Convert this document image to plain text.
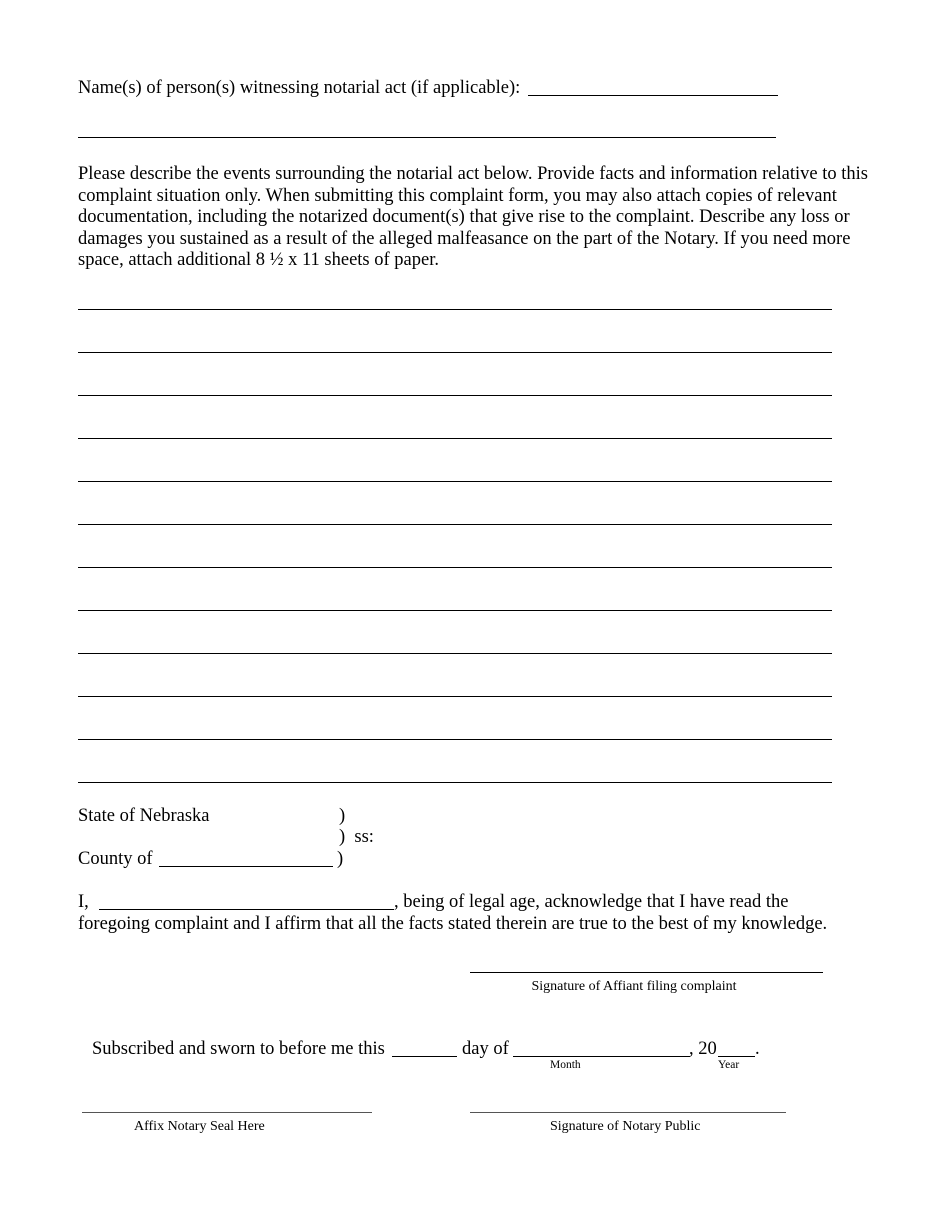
Name(s) of person(s) witnessing notarial act (if applicable):
Please describe the events surrounding the notarial act below. Provide facts and information relative to this complaint situation only. When submitting this complaint form, you may also attach copies of relevant documentation, including the notarized document(s) that give rise to the complaint. Describe any loss or damages you sustained as a result of the alleged malfeasance on the part of the Notary. If you need more space, attach additional 8 ½ x 11 sheets of paper.
State of Nebraska	)
)  ss:
County of	)
I,	, being of legal age, acknowledge that I have read the
foregoing complaint and I affirm that all the facts stated therein are true to the best of my knowledge.
Signature of Affiant filing complaint
Subscribed and sworn to before me this	day of	, 20 .
Month	Year
Affix Notary Seal Here	Signature of Notary Public
